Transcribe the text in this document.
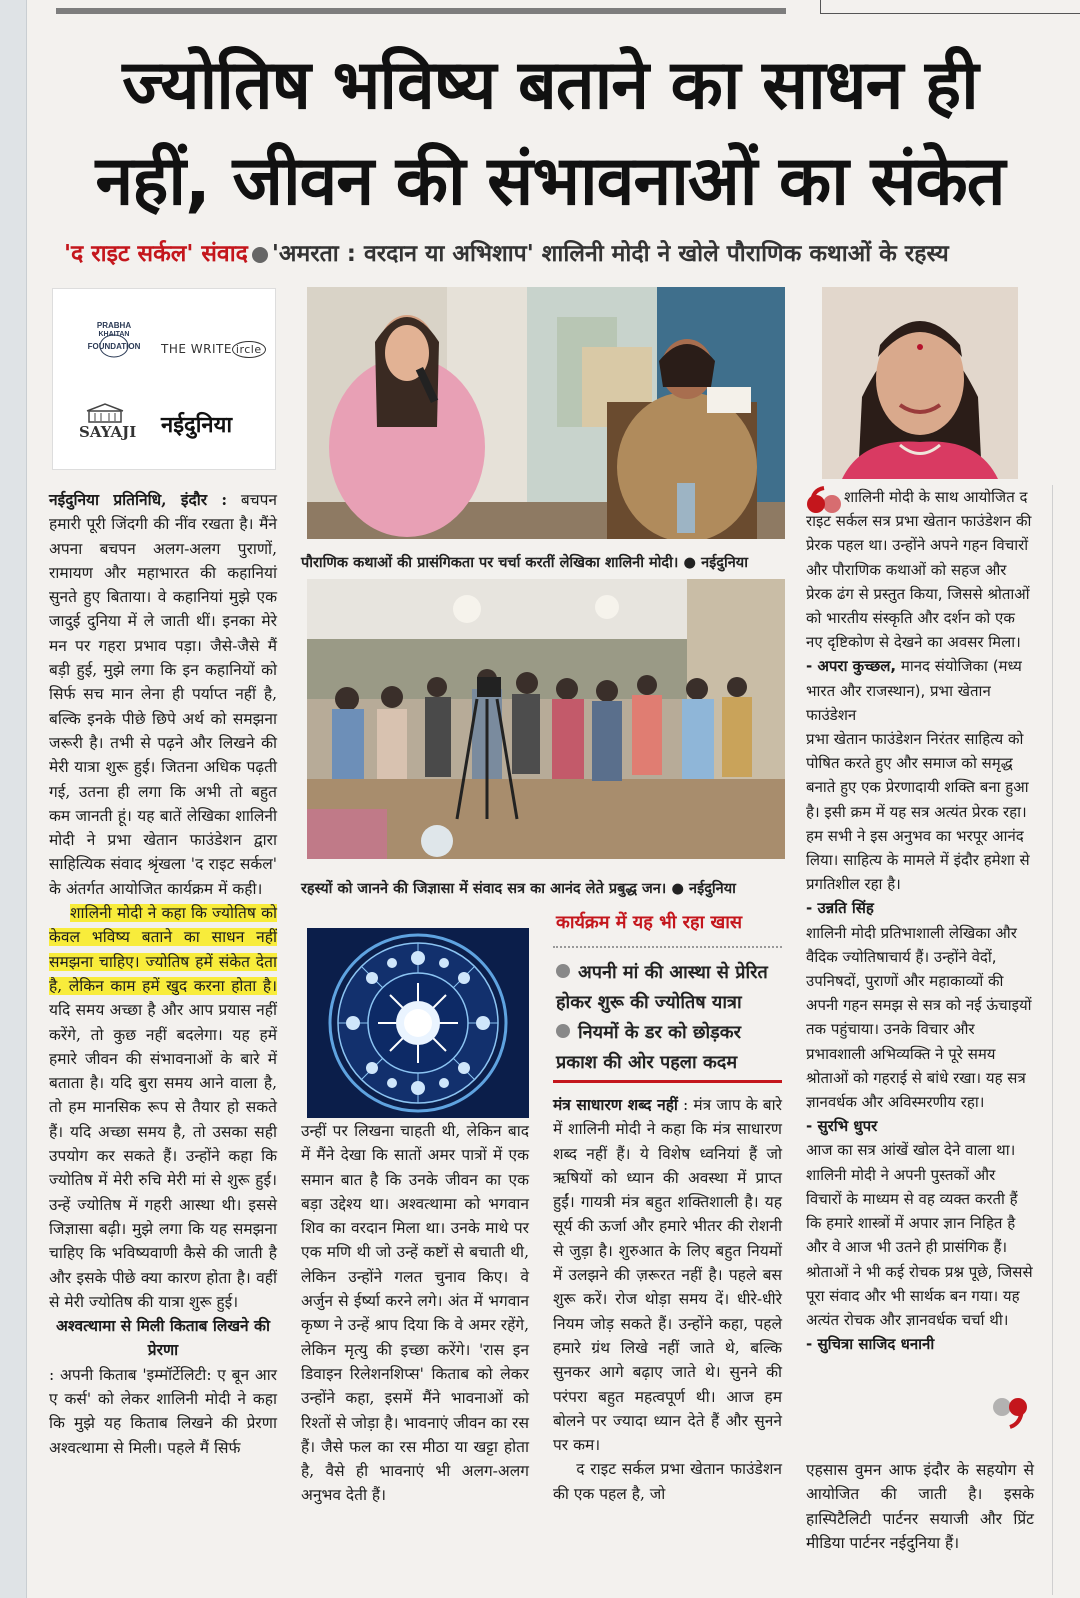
ज्योतिष भविष्य बताने का साधन ही
नहीं, जीवन की संभावनाओं का संकेत
'द राइट सर्कल' संवाद 'अमरता : वरदान या अभिशाप' शालिनी मोदी ने खोले पौराणिक कथाओं के रहस्य
PRABHA
KHAITAN
FOUNDATION THE WRITE ircle
SAYAJI नईदुनिया
पौराणिक कथाओं की प्रासंगिकता पर चर्चा करतीं लेखिका शालिनी मोदी। ● नईदुनिया
रहस्यों को जानने की जिज्ञासा में संवाद सत्र का आनंद लेते प्रबुद्ध जन। ● नईदुनिया

नईदुनिया प्रतिनिधि, इंदौर : बचपन हमारी पूरी जिंदगी की नींव रखता है। मैंने अपना बचपन अलग-अलग पुराणों, रामायण और महाभारत की कहानियां सुनते हुए बिताया। वे कहानियां मुझे एक जादुई दुनिया में ले जाती थीं। इनका मेरे मन पर गहरा प्रभाव पड़ा। जैसे-जैसे मैं बड़ी हुई, मुझे लगा कि इन कहानियों को सिर्फ सच मान लेना ही पर्याप्त नहीं है, बल्कि इनके पीछे छिपे अर्थ को समझना जरूरी है। तभी से पढ़ने और लिखने की मेरी यात्रा शुरू हुई। जितना अधिक पढ़ती गई, उतना ही लगा कि अभी तो बहुत कम जानती हूं। यह बातें लेखिका शालिनी मोदी ने प्रभा खेतान फाउंडेशन द्वारा साहित्यिक संवाद श्रृंखला 'द राइट सर्कल' के अंतर्गत आयोजित कार्यक्रम में कही।

शालिनी मोदी ने कहा कि ज्योतिष को केवल भविष्य बताने का साधन नहीं समझना चाहिए। ज्योतिष हमें संकेत देता है, लेकिन काम हमें खुद करना होता है। यदि समय अच्छा है और आप प्रयास नहीं करेंगे, तो कुछ नहीं बदलेगा। यह हमें हमारे जीवन की संभावनाओं के बारे में बताता है। यदि बुरा समय आने वाला है, तो हम मानसिक रूप से तैयार हो सकते हैं। यदि अच्छा समय है, तो उसका सही उपयोग कर सकते हैं। उन्होंने कहा कि ज्योतिष में मेरी रुचि मेरी मां से शुरू हुई। उन्हें ज्योतिष में गहरी आस्था थी। इससे जिज्ञासा बढ़ी। मुझे लगा कि यह समझना चाहिए कि भविष्यवाणी कैसे की जाती है और इसके पीछे क्या कारण होता है। वहीं से मेरी ज्योतिष की यात्रा शुरू हुई।

अश्वत्थामा से मिली किताब लिखने की प्रेरणा
: अपनी किताब 'इम्मॉर्टेलिटी: ए बून आर ए कर्स' को लेकर शालिनी मोदी ने कहा कि मुझे यह किताब लिखने की प्रेरणा अश्वत्थामा से मिली। पहले मैं सिर्फ

उन्हीं पर लिखना चाहती थी, लेकिन बाद में मैंने देखा कि सातों अमर पात्रों में एक समान बात है कि उनके जीवन का एक बड़ा उद्देश्य था। अश्वत्थामा को भगवान शिव का वरदान मिला था। उनके माथे पर एक मणि थी जो उन्हें कष्टों से बचाती थी, लेकिन उन्होंने गलत चुनाव किए। वे अर्जुन से ईर्ष्या करने लगे। अंत में भगवान कृष्ण ने उन्हें श्राप दिया कि वे अमर रहेंगे, लेकिन मृत्यु की इच्छा करेंगे। 'रास इन डिवाइन रिलेशनशिप्स' किताब को लेकर उन्होंने कहा, इसमें मैंने भावनाओं को रिश्तों से जोड़ा है। भावनाएं जीवन का रस हैं। जैसे फल का रस मीठा या खट्टा होता है, वैसे ही भावनाएं भी अलग-अलग अनुभव देती हैं।

कार्यक्रम में यह भी रहा खास
अपनी मां की आस्था से प्रेरित होकर शुरू की ज्योतिष यात्रा
नियमों के डर को छोड़कर प्रकाश की ओर पहला कदम

मंत्र साधारण शब्द नहीं : मंत्र जाप के बारे में शालिनी मोदी ने कहा कि मंत्र साधारण शब्द नहीं हैं। ये विशेष ध्वनियां हैं जो ऋषियों को ध्यान की अवस्था में प्राप्त हुईं। गायत्री मंत्र बहुत शक्तिशाली है। यह सूर्य की ऊर्जा और हमारे भीतर की रोशनी से जुड़ा है। शुरुआत के लिए बहुत नियमों में उलझने की ज़रूरत नहीं है। पहले बस शुरू करें। रोज थोड़ा समय दें। धीरे-धीरे नियम जोड़ सकते हैं। उन्होंने कहा, पहले हमारे ग्रंथ लिखे नहीं जाते थे, बल्कि सुनकर आगे बढ़ाए जाते थे। सुनने की परंपरा बहुत महत्वपूर्ण थी। आज हम बोलने पर ज्यादा ध्यान देते हैं और सुनने पर कम।

द राइट सर्कल प्रभा खेतान फाउंडेशन की एक पहल है, जो

शालिनी मोदी के साथ आयोजित द राइट सर्कल सत्र प्रभा खेतान फाउंडेशन की प्रेरक पहल था। उन्होंने अपने गहन विचारों और पौराणिक कथाओं को सहज और प्रेरक ढंग से प्रस्तुत किया, जिससे श्रोताओं को भारतीय संस्कृति और दर्शन को एक नए दृष्टिकोण से देखने का अवसर मिला।

- अपरा कुच्छल, मानद संयोजिका (मध्य भारत और राजस्थान), प्रभा खेतान फाउंडेशन

प्रभा खेतान फाउंडेशन निरंतर साहित्य को पोषित करते हुए और समाज को समृद्ध बनाते हुए एक प्रेरणादायी शक्ति बना हुआ है। इसी क्रम में यह सत्र अत्यंत प्रेरक रहा। हम सभी ने इस अनुभव का भरपूर आनंद लिया। साहित्य के मामले में इंदौर हमेशा से प्रगतिशील रहा है।

- उन्नति सिंह

शालिनी मोदी प्रतिभाशाली लेखिका और वैदिक ज्योतिषाचार्य हैं। उन्होंने वेदों, उपनिषदों, पुराणों और महाकाव्यों की अपनी गहन समझ से सत्र को नई ऊंचाइयों तक पहुंचाया। उनके विचार और प्रभावशाली अभिव्यक्ति ने पूरे समय श्रोताओं को गहराई से बांधे रखा। यह सत्र ज्ञानवर्धक और अविस्मरणीय रहा।

- सुरभि धुपर

आज का सत्र आंखें खोल देने वाला था। शालिनी मोदी ने अपनी पुस्तकों और विचारों के माध्यम से वह व्यक्त करती हैं कि हमारे शास्त्रों में अपार ज्ञान निहित है और वे आज भी उतने ही प्रासंगिक हैं। श्रोताओं ने भी कई रोचक प्रश्न पूछे, जिससे पूरा संवाद और भी सार्थक बन गया। यह अत्यंत रोचक और ज्ञानवर्धक चर्चा थी।

- सुचित्रा साजिद धनानी

एहसास वुमन आफ इंदौर के सहयोग से आयोजित की जाती है। इसके हास्पिटैलिटी पार्टनर सयाजी और प्रिंट मीडिया पार्टनर नईदुनिया हैं।
